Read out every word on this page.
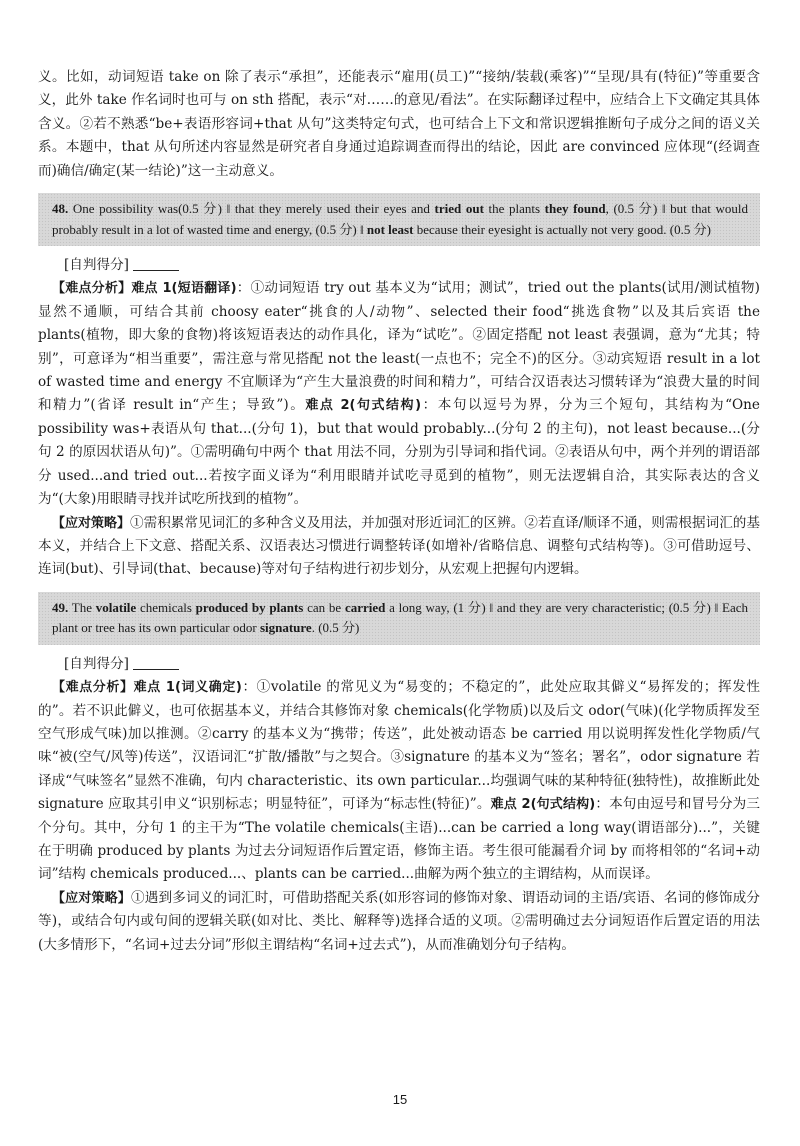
义。比如，动词短语 take on 除了表示“承担”，还能表示“雇用(员工)”“接纳/装载(乘客)”“呈现/具有(特征)”等重要含义，此外 take 作名词时也可与 on sth 搭配，表示“对……的意见/看法”。在实际翻译过程中，应结合上下文确定其具体含义。②若不熟悉“be+表语形容词+that 从句”这类特定句式，也可结合上下文和常识逻辑推断句子成分之间的语义关系。本题中，that 从句所述内容显然是研究者自身通过追踪调查而得出的结论，因此 are convinced 应体现“(经调查而)确信/确定(某一结论)”这一主动意义。

48. One possibility was(0.5 分) ‖ that they merely used their eyes and tried out the plants they found, (0.5 分) ‖ but that would probably result in a lot of wasted time and energy, (0.5 分) ‖ not least because their eyesight is actually not very good. (0.5 分)

[自判得分]

【难点分析】难点 1(短语翻译)：①动词短语 try out 基本义为“试用；测试”，tried out the plants(试用/测试植物)显然不通顺，可结合其前 choosy eater“挑食的人/动物”、selected their food“挑选食物”以及其后宾语 the plants(植物，即大象的食物)将该短语表达的动作具化，译为“试吃”。②固定搭配 not least 表强调，意为“尤其；特别”，可意译为“相当重要”，需注意与常见搭配 not the least(一点也不；完全不)的区分。③动宾短语 result in a lot of wasted time and energy 不宜顺译为“产生大量浪费的时间和精力”，可结合汉语表达习惯转译为“浪费大量的时间和精力”(省译 result in“产生；导致”)。难点 2(句式结构)：本句以逗号为界，分为三个短句，其结构为“One possibility was+表语从句 that...(分句 1)，but that would probably...(分句 2 的主句)，not least because...(分句 2 的原因状语从句)”。①需明确句中两个 that 用法不同，分别为引导词和指代词。②表语从句中，两个并列的谓语部分 used...and tried out...若按字面义译为“利用眼睛并试吃寻觅到的植物”，则无法逻辑自洽，其实际表达的含义为“(大象)用眼睛寻找并试吃所找到的植物”。

【应对策略】①需积累常见词汇的多种含义及用法，并加强对形近词汇的区辨。②若直译/顺译不通，则需根据词汇的基本义，并结合上下文意、搭配关系、汉语表达习惯进行调整转译(如增补/省略信息、调整句式结构等)。③可借助逗号、连词(but)、引导词(that、because)等对句子结构进行初步划分，从宏观上把握句内逻辑。

49. The volatile chemicals produced by plants can be carried a long way, (1 分) ‖ and they are very characteristic; (0.5 分) ‖ Each plant or tree has its own particular odor signature. (0.5 分)

[自判得分]

【难点分析】难点 1(词义确定)：①volatile 的常见义为“易变的；不稳定的”，此处应取其僻义“易挥发的；挥发性的”。若不识此僻义，也可依据基本义，并结合其修饰对象 chemicals(化学物质)以及后文 odor(气味)(化学物质挥发至空气形成气味)加以推测。②carry 的基本义为“携带；传送”，此处被动语态 be carried 用以说明挥发性化学物质/气味“被(空气/风等)传送”，汉语词汇“扩散/播散”与之契合。③signature 的基本义为“签名；署名”，odor signature 若译成“气味签名”显然不准确，句内 characteristic、its own particular...均强调气味的某种特征(独特性)，故推断此处 signature 应取其引申义“识别标志；明显特征”，可译为“标志性(特征)”。难点 2(句式结构)：本句由逗号和冒号分为三个分句。其中，分句 1 的主干为“The volatile chemicals(主语)...can be carried a long way(谓语部分)...”，关键在于明确 produced by plants 为过去分词短语作后置定语，修饰主语。考生很可能漏看介词 by 而将相邻的“名词+动词”结构 chemicals produced...、plants can be carried...曲解为两个独立的主谓结构，从而误译。

【应对策略】①遇到多词义的词汇时，可借助搭配关系(如形容词的修饰对象、谓语动词的主语/宾语、名词的修饰成分等)，或结合句内或句间的逻辑关联(如对比、类比、解释等)选择合适的义项。②需明确过去分词短语作后置定语的用法(大多情形下，“名词+过去分词”形似主谓结构“名词+过去式”)，从而准确划分句子结构。

15
